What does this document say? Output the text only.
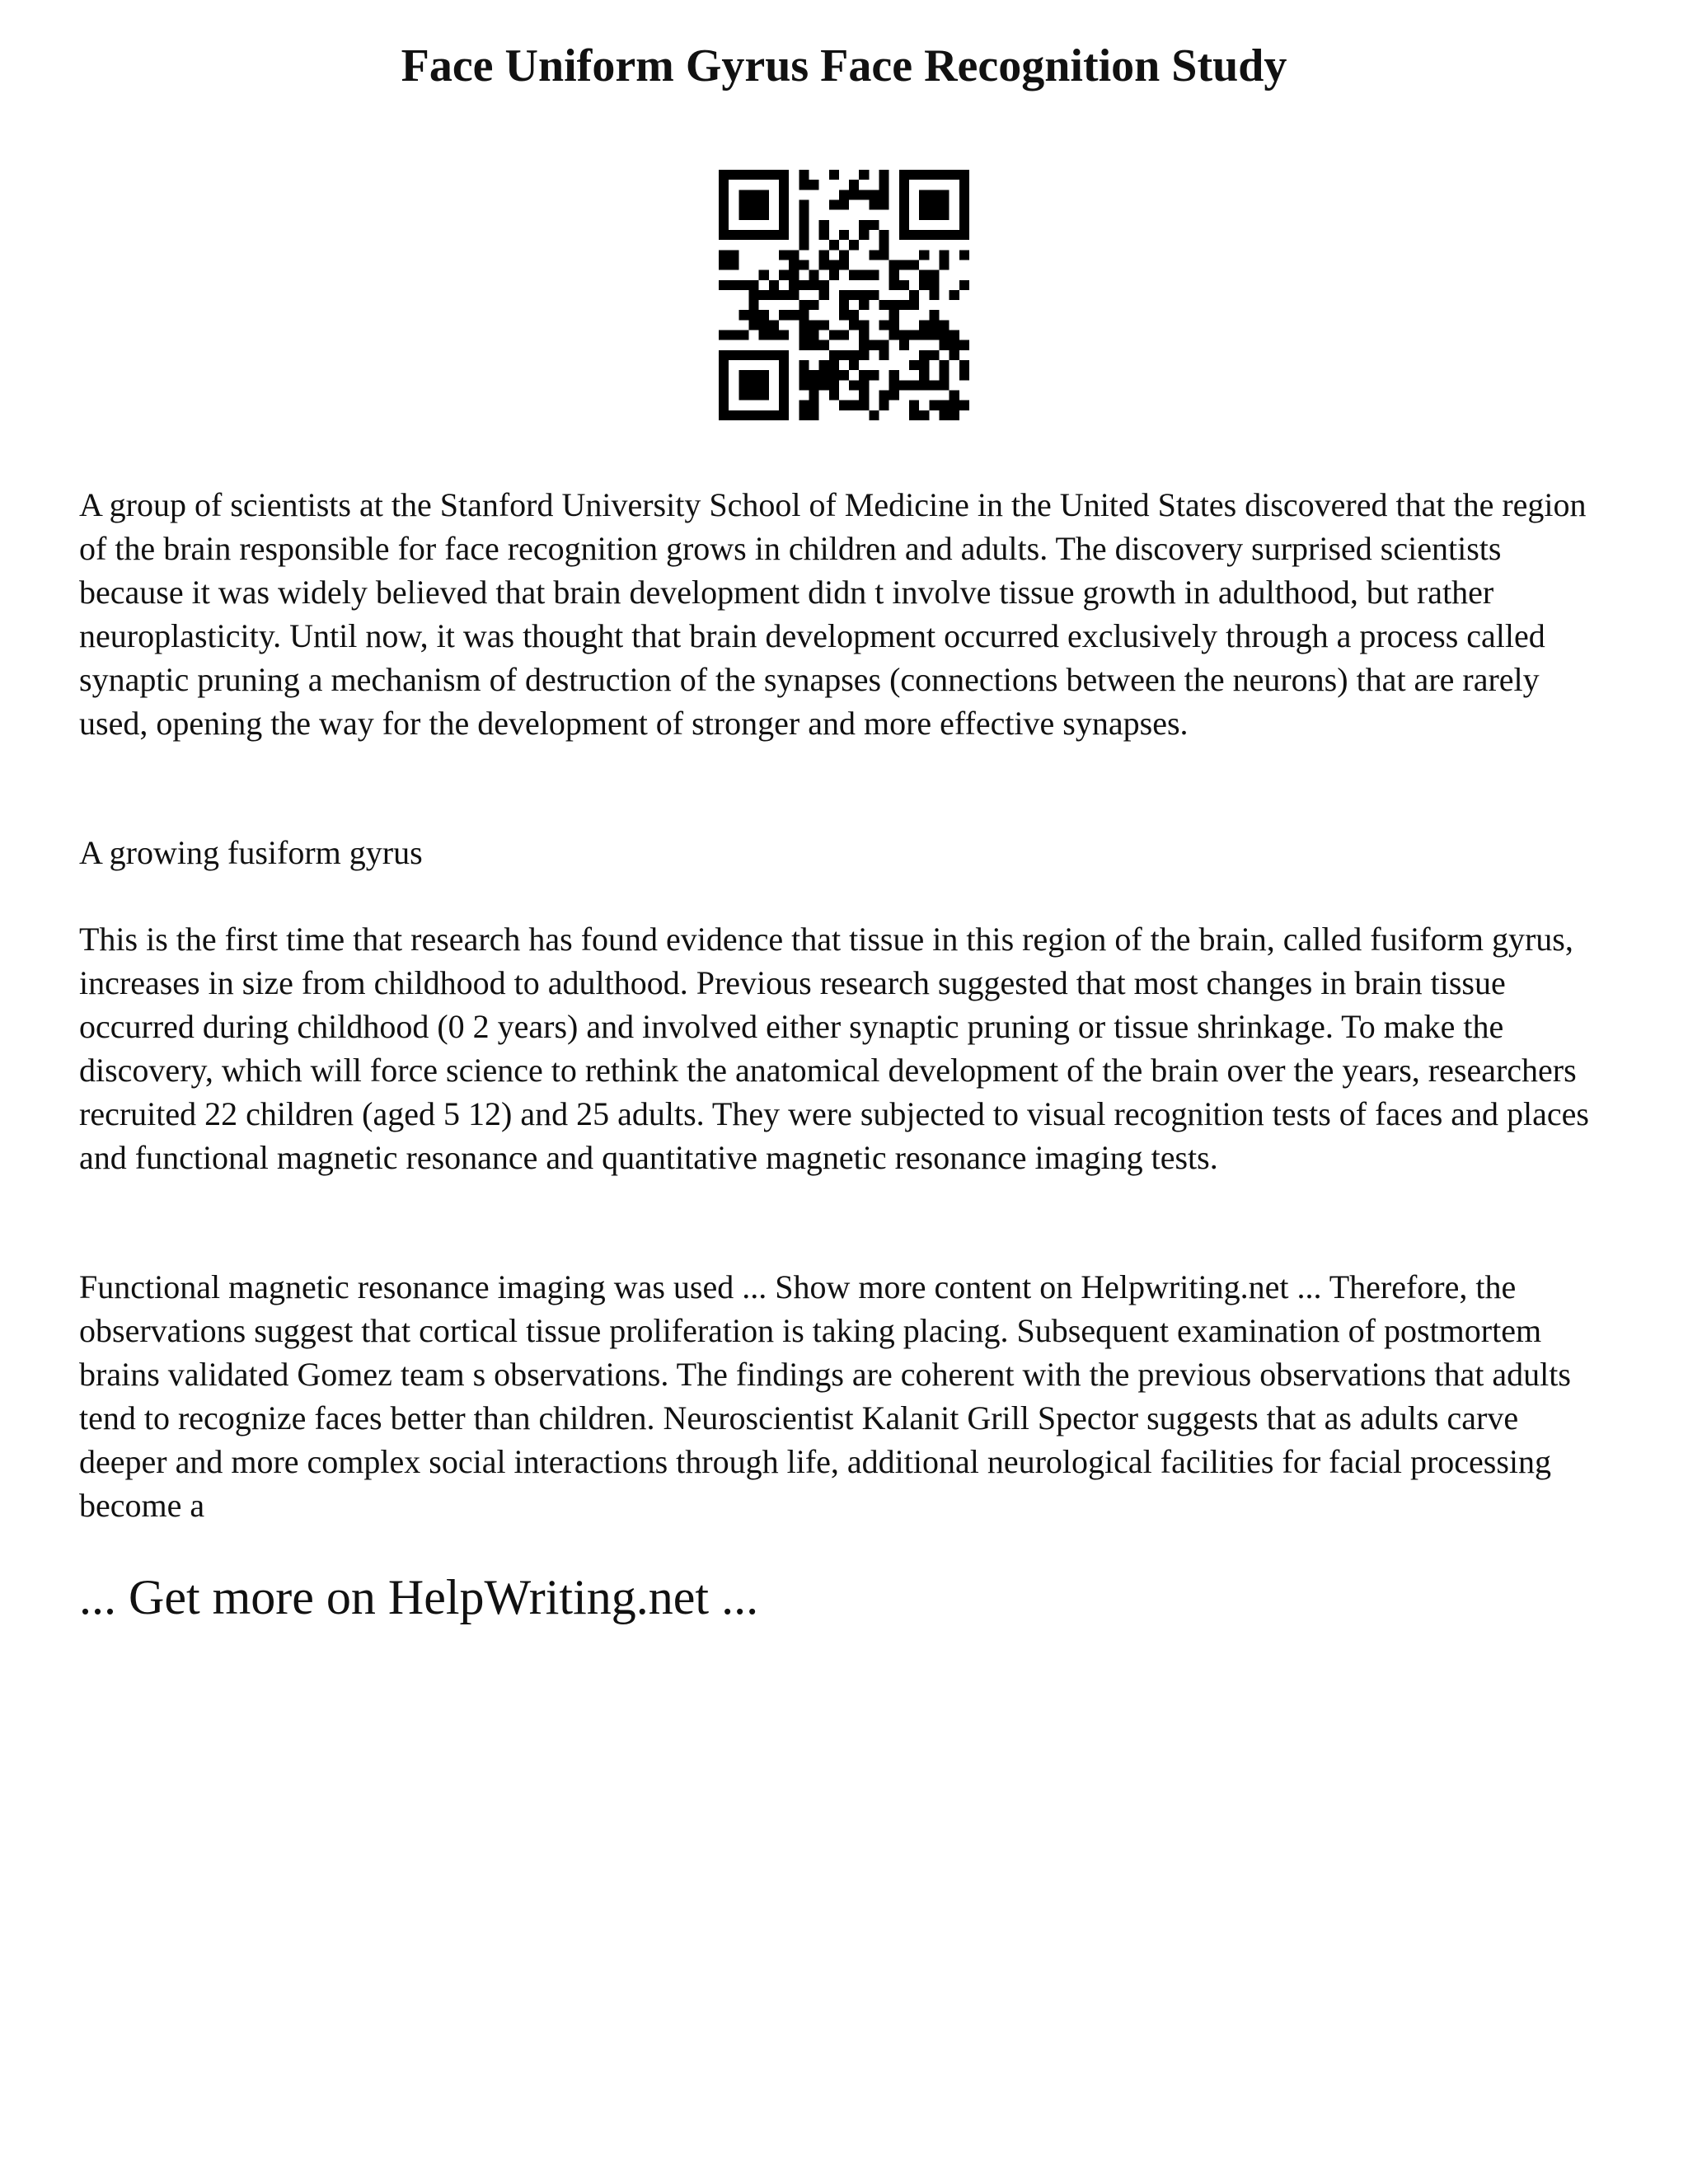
Face Uniform Gyrus Face Recognition Study

A group of scientists at the Stanford University School of Medicine in the United States discovered that the region of the brain responsible for face recognition grows in children and adults. The discovery surprised scientists because it was widely believed that brain development didn t involve tissue growth in adulthood, but rather neuroplasticity. Until now, it was thought that brain development occurred exclusively through a process called synaptic pruning a mechanism of destruction of the synapses (connections between the neurons) that are rarely used, opening the way for the development of stronger and more effective synapses.

A growing fusiform gyrus

This is the first time that research has found evidence that tissue in this region of the brain, called fusiform gyrus, increases in size from childhood to adulthood. Previous research suggested that most changes in brain tissue occurred during childhood (0 2 years) and involved either synaptic pruning or tissue shrinkage. To make the discovery, which will force science to rethink the anatomical development of the brain over the years, researchers recruited 22 children (aged 5 12) and 25 adults. They were subjected to visual recognition tests of faces and places and functional magnetic resonance and quantitative magnetic resonance imaging tests.

Functional magnetic resonance imaging was used ... Show more content on Helpwriting.net ... Therefore, the observations suggest that cortical tissue proliferation is taking placing. Subsequent examination of postmortem brains validated Gomez team s observations. The findings are coherent with the previous observations that adults tend to recognize faces better than children. Neuroscientist Kalanit Grill Spector suggests that as adults carve deeper and more complex social interactions through life, additional neurological facilities for facial processing become a

... Get more on HelpWriting.net ...
